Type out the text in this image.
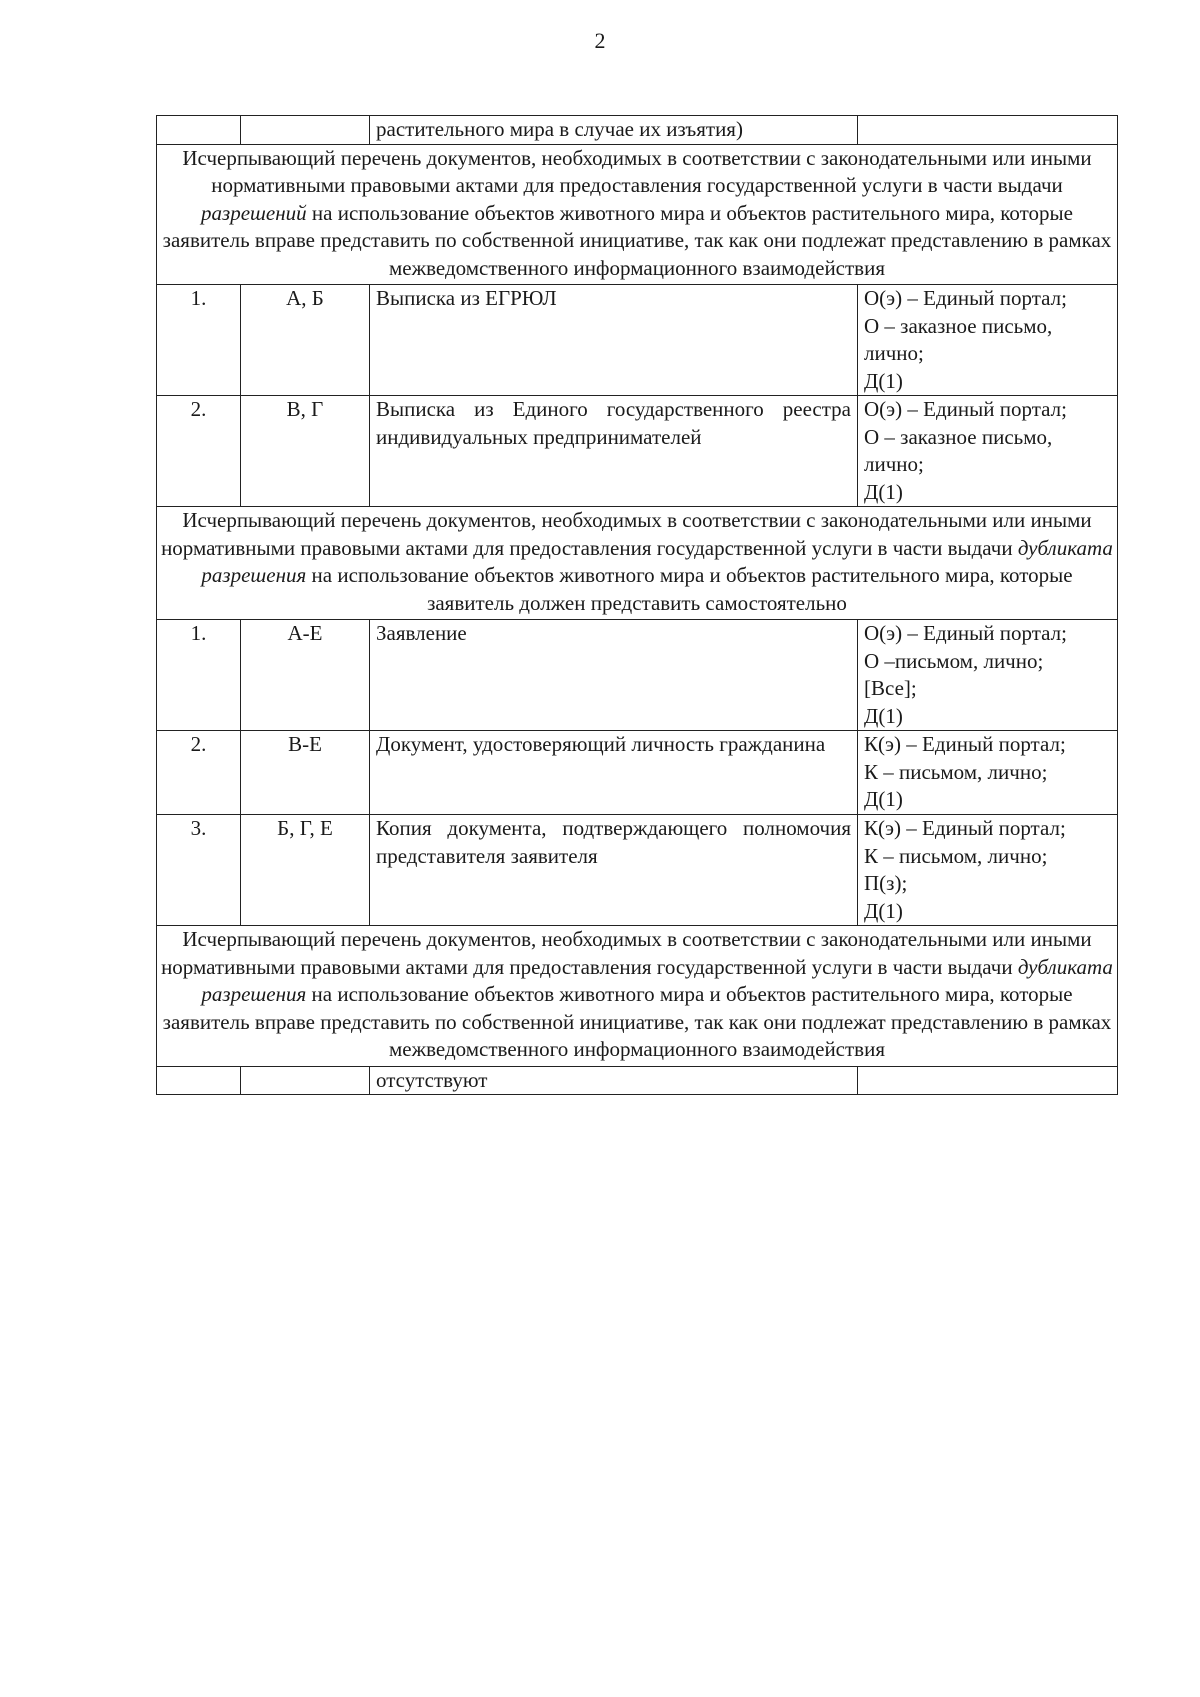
2
		растительного мира в случае их изъятия)	
Исчерпывающий перечень документов, необходимых в соответствии с законодательными или иными нормативными правовыми актами для предоставления государственной услуги в части выдачи разрешений на использование объектов животного мира и объектов растительного мира, которые заявитель вправе представить по собственной инициативе, так как они подлежат представлению в рамках межведомственного информационного взаимодействия			
1.	А, Б	Выписка из ЕГРЮЛ	О(э) – Единый портал;
О – заказное письмо,
лично;
Д(1)

2.	В, Г	Выписка из Единого государственного реестра индивидуальных предпринимателей	О(э) – Единый портал;
О – заказное письмо,
лично;
Д(1)

Исчерпывающий перечень документов, необходимых в соответствии с законодательными или иными нормативными правовыми актами для предоставления государственной услуги в части выдачи дубликата разрешения на использование объектов животного мира и объектов растительного мира, которые заявитель должен представить самостоятельно			
1.	А-Е	Заявление	О(э) – Единый портал;
О –письмом, лично;
[Все];
Д(1)

2.	В-Е	Документ, удостоверяющий личность гражданина	К(э) – Единый портал;
К – письмом, лично;
Д(1)

3.	Б, Г, Е	Копия документа, подтверждающего полномочия представителя заявителя	К(э) – Единый портал;
К – письмом, лично;
П(з);
Д(1)

Исчерпывающий перечень документов, необходимых в соответствии с законодательными или иными нормативными правовыми актами для предоставления государственной услуги в части выдачи дубликата разрешения на использование объектов животного мира и объектов растительного мира, которые заявитель вправе представить по собственной инициативе, так как они подлежат представлению в рамках межведомственного информационного взаимодействия			
		отсутствуют	
